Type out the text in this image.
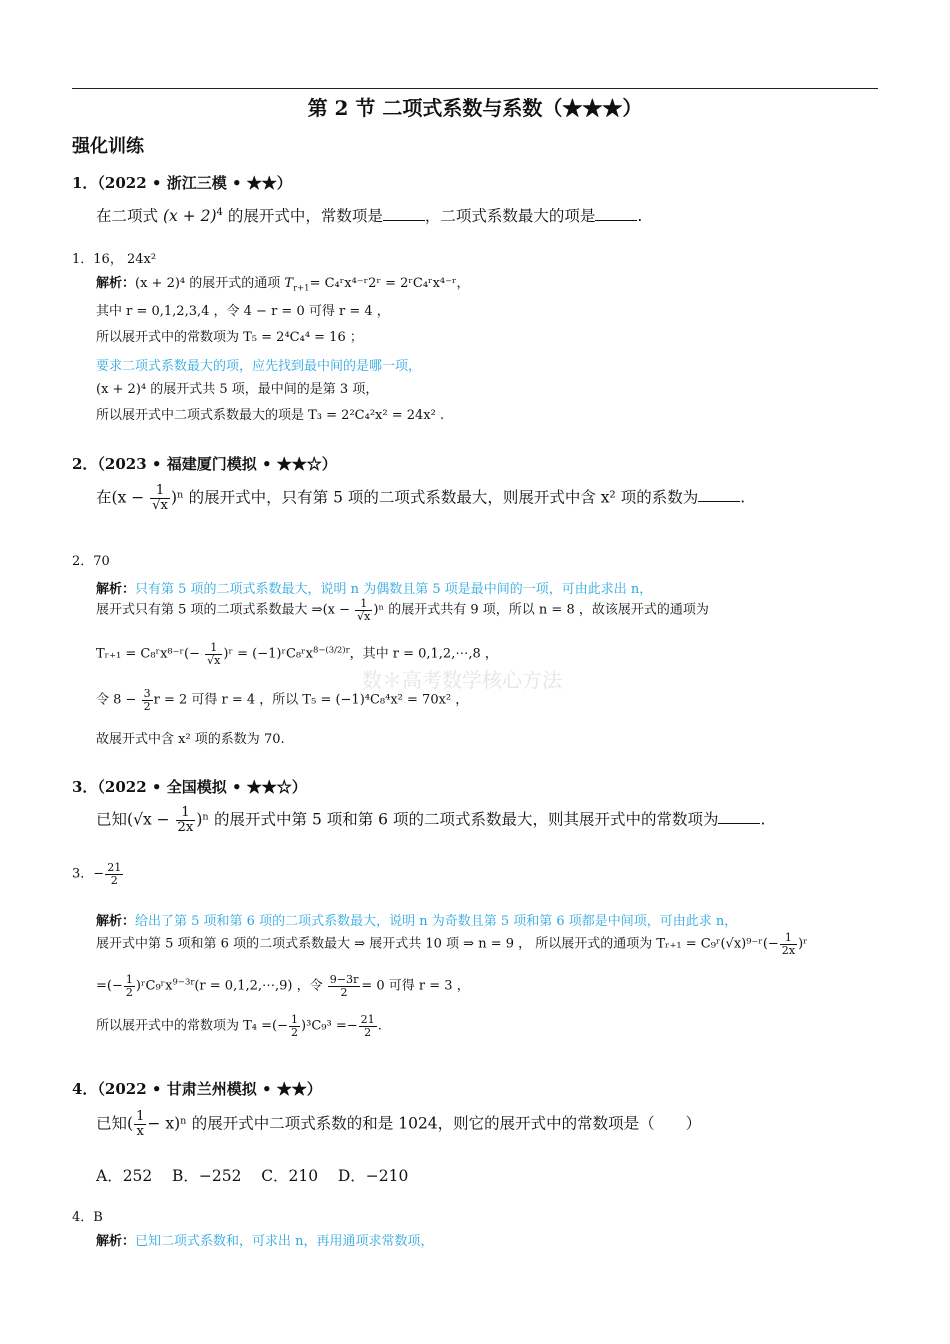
第 2 节 二项式系数与系数（★★★）
强化训练
1．（2022 • 浙江三模 • ★★）
在二项式 $(x + 2)^4$ 的展开式中，常数项是	，二项式系数最大的项是	.
1．16， 24x²
解析：(x + 2)⁴ 的展开式的通项 $T_{r+1}=$ C₄ʳx⁴⁻ʳ2ʳ = 2ʳC₄ʳx⁴⁻ʳ，
其中 r = 0,1,2,3,4 ，令 4 − r = 0 可得 r = 4 ，
所以展开式中的常数项为 T₅ = 2⁴C₄⁴ = 16 ；
要求二项式系数最大的项，应先找到最中间的是哪一项，
(x + 2)⁴ 的展开式共 5 项，最中间的是第 3 项，
所以展开式中二项式系数最大的项是 T₃ = 2²C₄²x² = 24x² .
2．（2023 • 福建厦门模拟 • ★★☆）
在$(x - \frac{1}{√x} )^n$ 的展开式中，只有第 5 项的二项式系数最大，则展开式中含 x² 项的系数为	.
2．70
解析：只有第 5 项的二项式系数最大，说明 n 为偶数且第 5 项是最中间的一项，可由此求出 n，
展开式只有第 5 项的二项式系数最大 ⇒(x − $\frac{1}{√x} )^n$ 的展开式共有 9 项，所以 n = 8 ，故该展开式的通项为
Tᵣ₊₁ = C₈ʳx⁸⁻ʳ(− $\frac{1}{√x}$ )ʳ = (−1)ʳC₈ʳx$^{8-(3/2)r}$，其中 r = 0,1,2,⋯,8 ，
令 $8 - \frac{3}{2}$ r = 2 可得 r = 4 ，所以 T₅ = (−1)⁴C₈⁴x² = 70x² ，
故展开式中含 x² 项的系数为 70.
数＊高考数学核心方法
3．（2022 • 全国模拟 • ★★☆）
已知$(√x - \frac{1}{2x} )^n$ 的展开式中第 5 项和第 6 项的二项式系数最大，则其展开式中的常数项为	.
3．− $\frac{21}{2}$
解析：给出了第 5 项和第 6 项的二项式系数最大，说明 n 为奇数且第 5 项和第 6 项都是中间项，可由此求 n，
展开式中第 5 项和第 6 项的二项式系数最大 ⇒ 展开式共 10 项 ⇒ n = 9 ， 所以展开式的通项为 Tᵣ₊₁ = C₉ʳ(√x)⁹⁻ʳ(− $\frac{1}{2x}$ )ʳ
=(− $\frac{1}{2}$ )ʳC₉ʳx$^{9-3r}$(r = 0,1,2,⋯,9) ，令 $\frac{9-3r}{2} = 0$ 可得 r = 3 ，
所以展开式中的常数项为 T₄ =(− $\frac{1}{2} )^3C_9^3 =- \frac{21}{2}$ .
4．（2022 • 甘肃兰州模拟 • ★★）
已知( $\frac{1}{x} - x)^n$ 的展开式中二项式系数的和是 1024，则它的展开式中的常数项是（　　）
A．252 B．−252 C．210 D．−210
4．B
解析：已知二项式系数和，可求出 n，再用通项求常数项，
